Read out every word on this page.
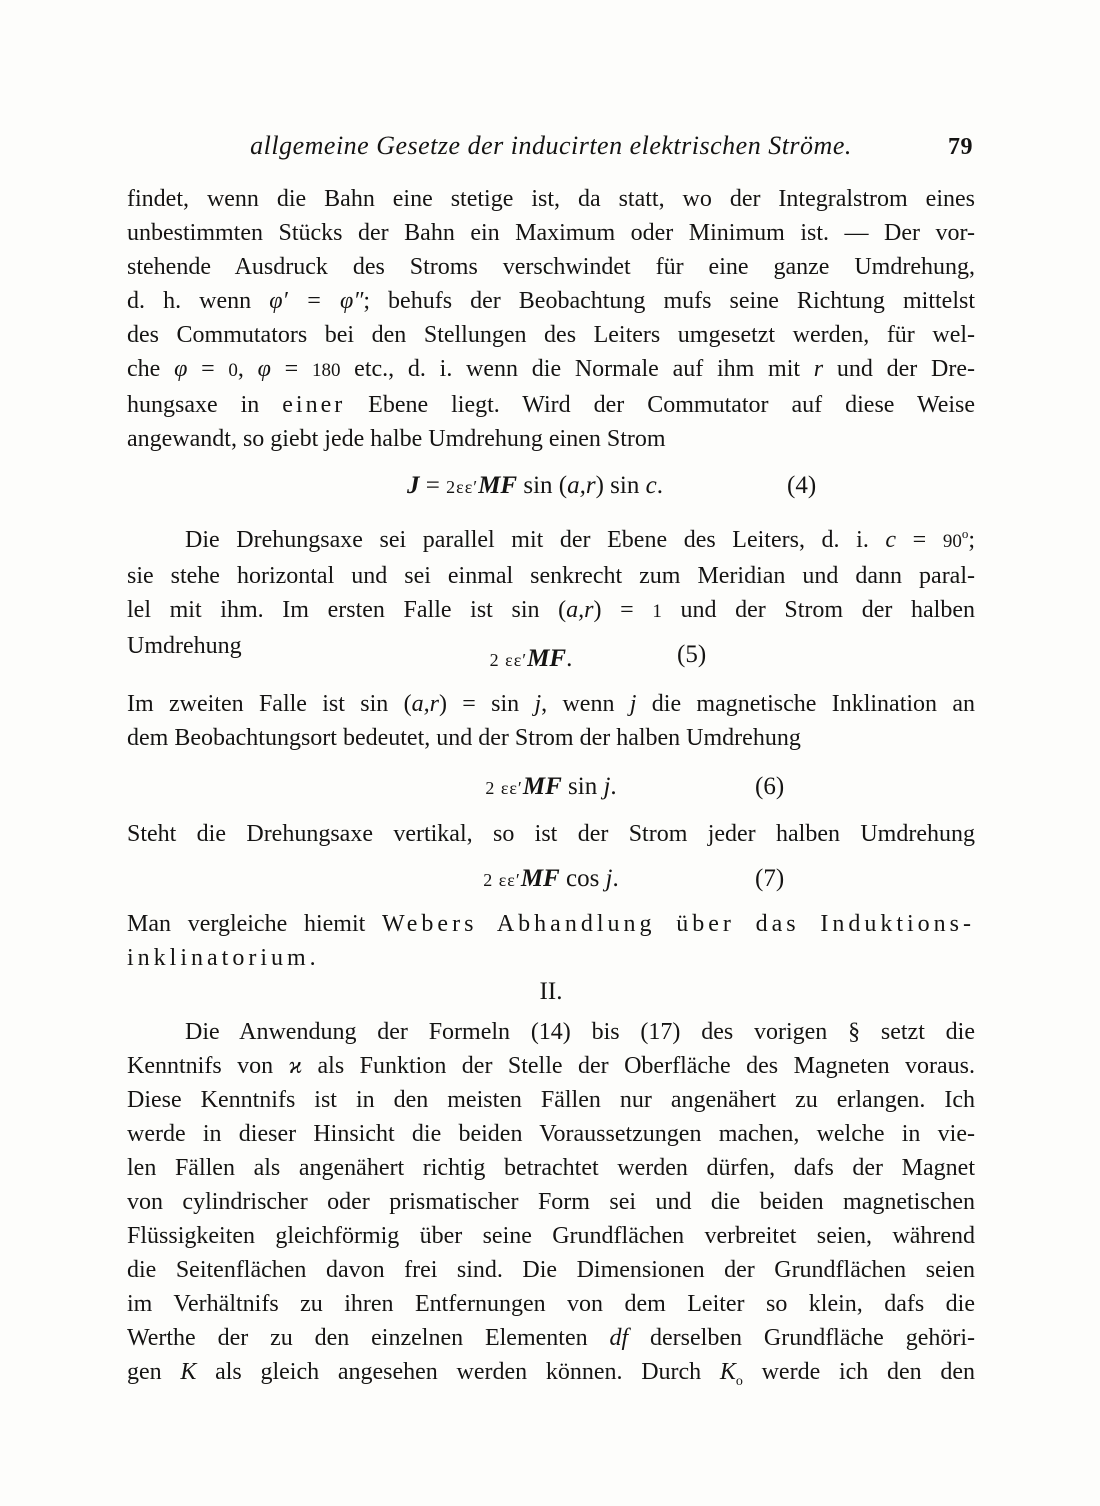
allgemeine Gesetze der inducirten elektrischen Ströme.	79
findet, wenn die Bahn eine stetige ist, da statt, wo der Integralstrom eines
unbestimmten Stücks der Bahn ein Maximum oder Minimum ist. — Der vor-
stehende Ausdruck des Stroms verschwindet für eine ganze Umdrehung,
d. h. wenn φ′ = φ″; behufs der Beobachtung mufs seine Richtung mittelst
des Commutators bei den Stellungen des Leiters umgesetzt werden, für wel-
che φ = 0, φ = 180 etc., d. i. wenn die Normale auf ihm mit r und der Dre-
hungsaxe in einer Ebene liegt. Wird der Commutator auf diese Weise
angewandt, so giebt jede halbe Umdrehung einen Strom
J = 2εε′MF sin (a,r) sin c.	(4)
Die Drehungsaxe sei parallel mit der Ebene des Leiters, d. i. $c = 90^o$;
sie stehe horizontal und sei einmal senkrecht zum Meridian und dann paral-
lel mit ihm. Im ersten Falle ist sin (a,r) = 1 und der Strom der halben
Umdrehung
2 εε′MF.	(5)
Im zweiten Falle ist sin (a,r) = sin j, wenn j die magnetische Inklination an
dem Beobachtungsort bedeutet, und der Strom der halben Umdrehung
2 εε′MF sin j.	(6)
Steht die Drehungsaxe vertikal, so ist der Strom jeder halben Umdrehung
2 εε′MF cos j.	(7)
Man vergleiche hiemit Webers Abhandlung über das Induktions-
inklinatorium.
II.
Die Anwendung der Formeln (14) bis (17) des vorigen § setzt die
Kenntnifs von ϰ als Funktion der Stelle der Oberfläche des Magneten voraus.
Diese Kenntnifs ist in den meisten Fällen nur angenähert zu erlangen. Ich
werde in dieser Hinsicht die beiden Voraussetzungen machen, welche in vie-
len Fällen als angenähert richtig betrachtet werden dürfen, dafs der Magnet
von cylindrischer oder prismatischer Form sei und die beiden magnetischen
Flüssigkeiten gleichförmig über seine Grundflächen verbreitet seien, während
die Seitenflächen davon frei sind. Die Dimensionen der Grundflächen seien
im Verhältnifs zu ihren Entfernungen von dem Leiter so klein, dafs die
Werthe der zu den einzelnen Elementen df derselben Grundfläche gehöri-
gen K als gleich angesehen werden können. Durch $K_o$ werde ich den den
